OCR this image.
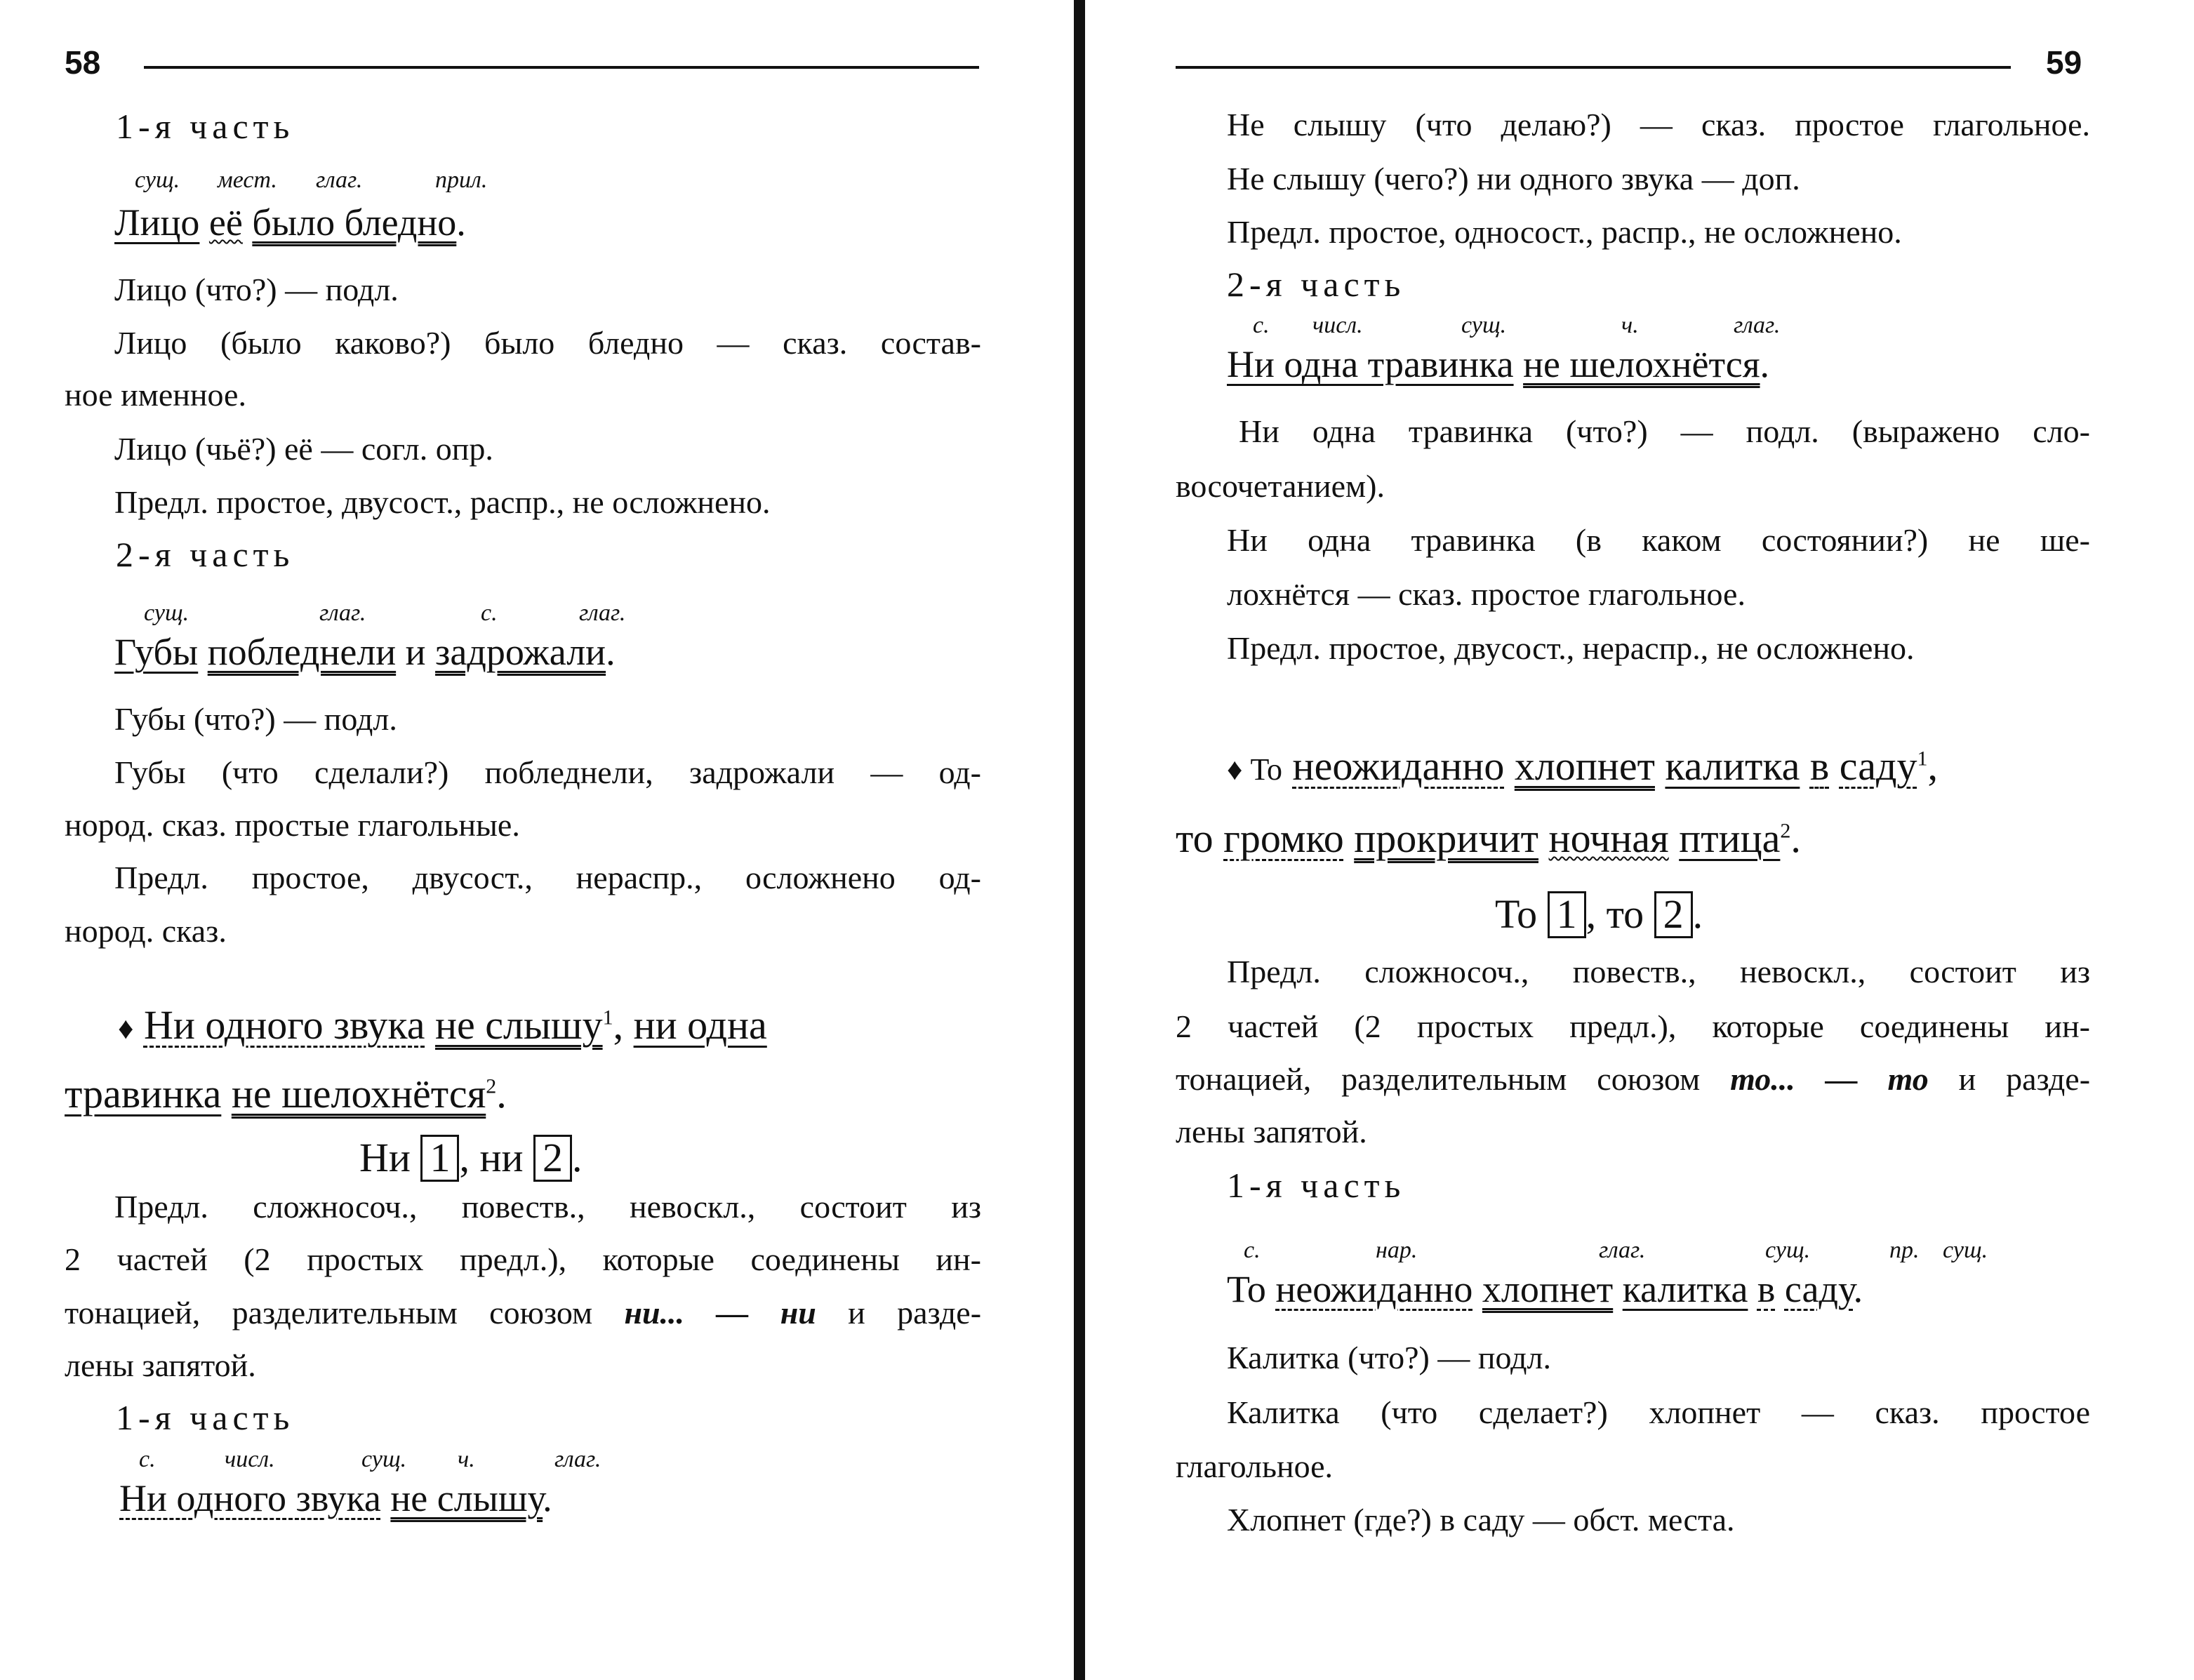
58
1-я часть
сущ. мест. глаг.	прил.
Лицо её было бледно.
Лицо (что?) — подл.
Лицо (было каково?) было бледно — сказ. состав-
ное именное.
Лицо (чьё?) её — согл. опр.
Предл. простое, двусост., распр., не осложнено.
2-я часть
сущ.	глаг.	с.	глаг.
Губы побледнели и задрожали.
Губы (что?) — подл.
Губы (что сделали?) побледнели, задрожали — од-
нород. сказ. простые глагольные.
Предл. простое, двусост., нераспр., осложнено од-
нород. сказ.
♦ Ни одного звука не слышу$^1$, ни одна
травинка не шелохнётся$^2$.
Ни 1 , ни 2 .
Предл. сложносоч., повеств., невоскл., состоит из
2 частей (2 простых предл.), которые соединены ин-
тонацией, разделительным союзом ни... — ни и разде-
лены запятой.
1-я часть
с.	числ.	сущ. ч.	глаг.
Ни одного звука не слышу.
59
Не слышу (что делаю?) — сказ. простое глагольное.
Не слышу (чего?) ни одного звука — доп.
Предл. простое, односост., распр., не осложнено.
2-я часть
с. числ.	сущ.	ч.	глаг.
Ни одна травинка не шелохнётся.
Ни одна травинка (что?) — подл. (выражено сло-
восочетанием).
Ни одна травинка (в каком состоянии?) не ше-
лохнётся — сказ. простое глагольное.
Предл. простое, двусост., нераспр., не осложнено.
♦ То неожиданно хлопнет калитка в саду$^1$,
то громко прокричит ночная птица$^2$.
То 1 , то 2 .
Предл. сложносоч., повеств., невоскл., состоит из
2 частей (2 простых предл.), которые соединены ин-
тонацией, разделительным союзом то... — то и разде-
лены запятой.
1-я часть
с.	нар.	глаг.	сущ.	пр. сущ.
То неожиданно хлопнет калитка в саду.
Калитка (что?) — подл.
Калитка (что сделает?) хлопнет — сказ. простое
глагольное.
Хлопнет (где?) в саду — обст. места.
